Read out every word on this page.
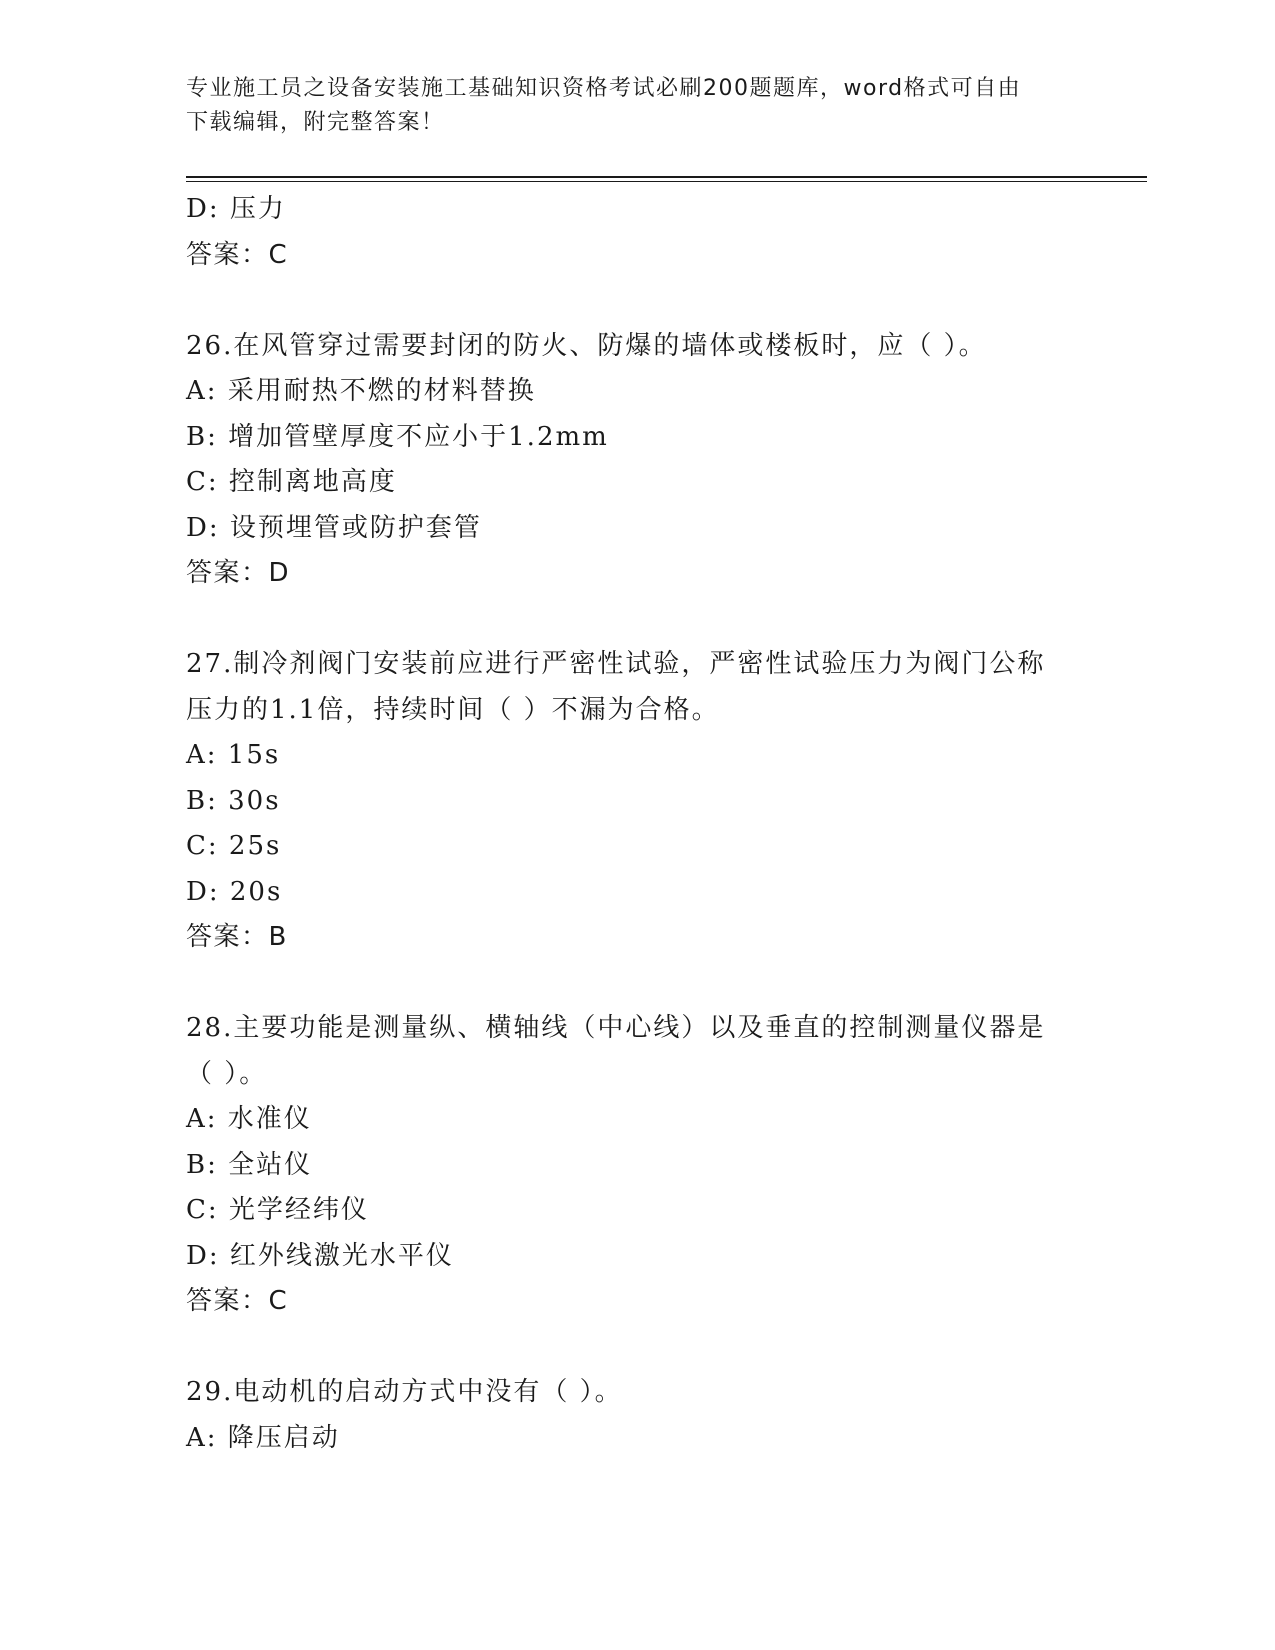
专业施工员之设备安装施工基础知识资格考试必刷200题题库，word格式可自由
下载编辑，附完整答案！
D: 压力
答案：C
26.在风管穿过需要封闭的防火、防爆的墙体或楼板时，应（ ）。
A: 采用耐热不燃的材料替换
B: 增加管壁厚度不应小于1.2mm
C: 控制离地高度
D: 设预埋管或防护套管
答案：D
27.制冷剂阀门安装前应进行严密性试验，严密性试验压力为阀门公称
压力的1.1倍，持续时间（ ）不漏为合格。
A: 15s
B: 30s
C: 25s
D: 20s
答案：B
28.主要功能是测量纵、横轴线（中心线）以及垂直的控制测量仪器是
（ ）。
A: 水准仪
B: 全站仪
C: 光学经纬仪
D: 红外线激光水平仪
答案：C
29.电动机的启动方式中没有（ ）。
A: 降压启动
